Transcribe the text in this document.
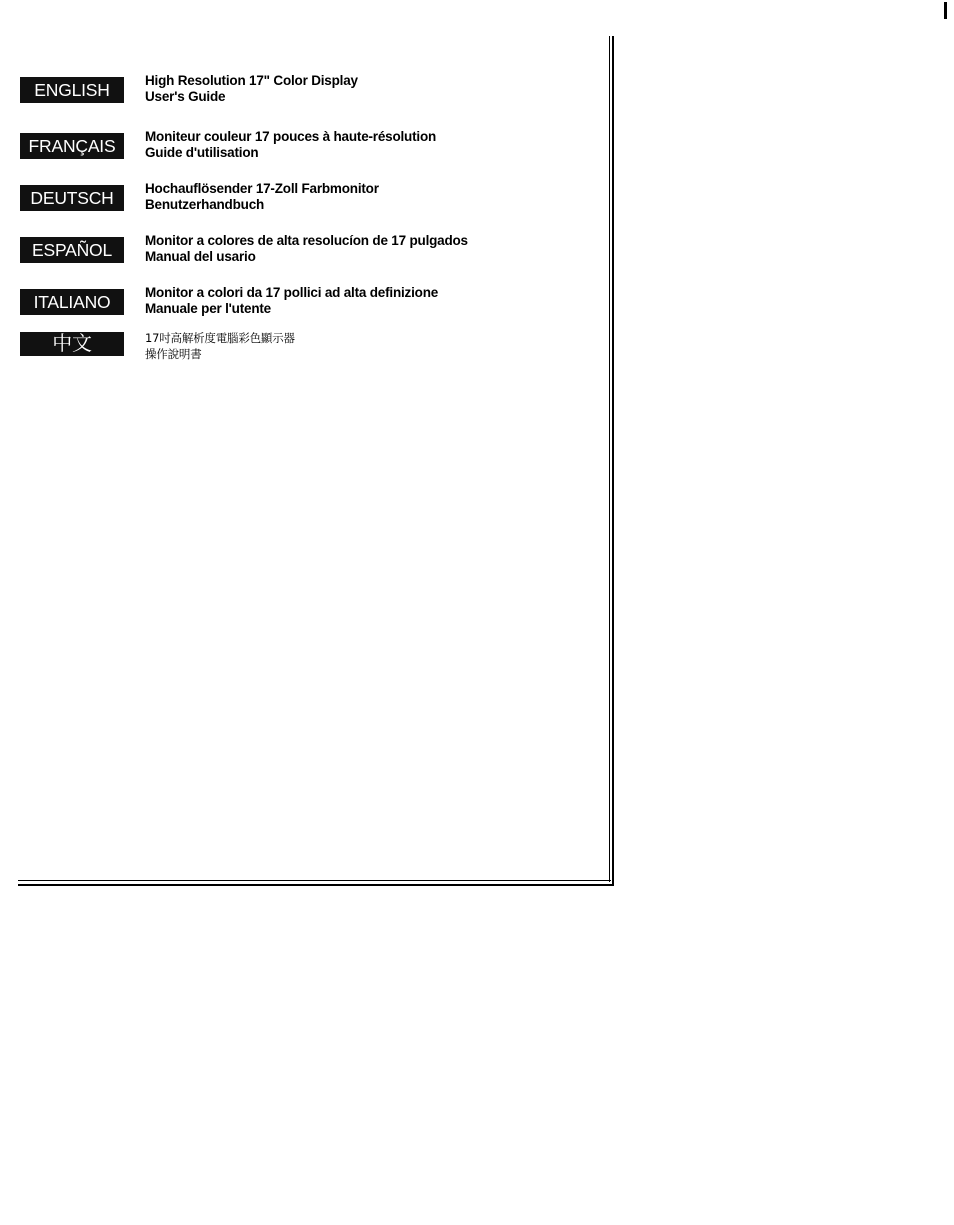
ENGLISH	High Resolution 17" Color Display
User's Guide
FRANÇAIS	Moniteur couleur 17 pouces à haute-résolution
Guide d'utilisation
DEUTSCH	Hochauflösender 17-Zoll Farbmonitor
Benutzerhandbuch
ESPAÑOL	Monitor a colores de alta resolucíon de 17 pulgados
Manual del usario
ITALIANO	Monitor a colori da 17 pollici ad alta definizione
Manuale per l'utente
中文	17吋高解析度電腦彩色顯示器
操作說明書
